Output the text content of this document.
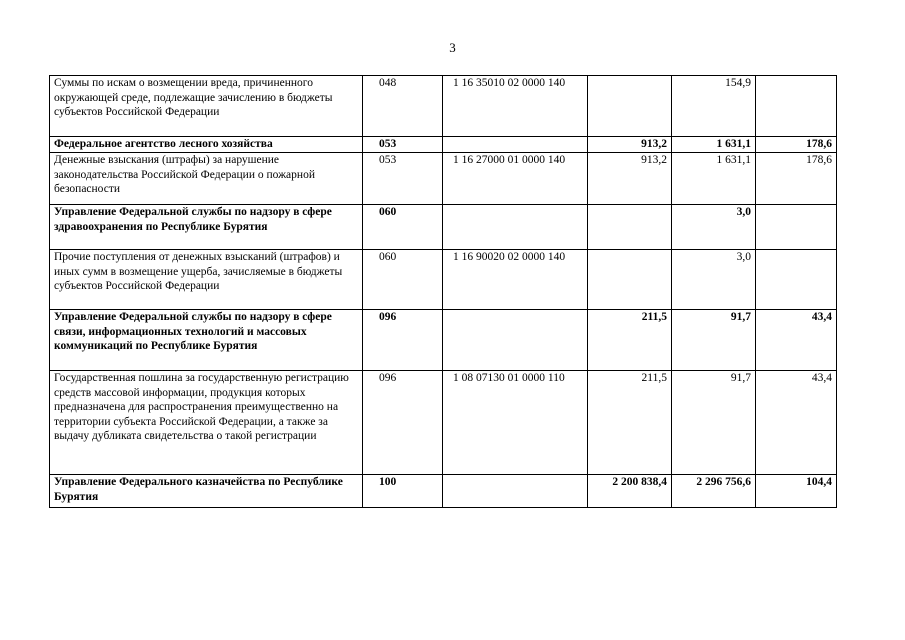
3
Суммы по искам о возмещении вреда, причиненного окружающей среде, подлежащие зачислению в бюджеты субъектов Российской Федерации	048	1 16 35010 02 0000 140		154,9	
Федеральное агентство лесного хозяйства	053		913,2	1 631,1	178,6
Денежные взыскания (штрафы) за нарушение законодательства Российской Федерации о пожарной безопасности	053	1 16 27000 01 0000 140	913,2	1 631,1	178,6
Управление Федеральной службы по надзору в сфере здравоохранения по Республике Бурятия	060			3,0	
Прочие поступления от денежных взысканий (штрафов) и иных сумм в возмещение ущерба, зачисляемые в бюджеты субъектов Российской Федерации	060	1 16 90020 02 0000 140		3,0	
Управление Федеральной службы по надзору в сфере связи, информационных технологий и массовых коммуникаций по Республике Бурятия	096		211,5	91,7	43,4
Государственная пошлина за государственную регистрацию средств массовой информации, продукция которых предназначена для распространения преимущественно на территории субъекта Российской Федерации, а также за выдачу дубликата свидетельства о такой регистрации	096	1 08 07130 01 0000 110	211,5	91,7	43,4
Управление Федерального казначейства по Республике Бурятия	100		2 200 838,4	2 296 756,6	104,4
